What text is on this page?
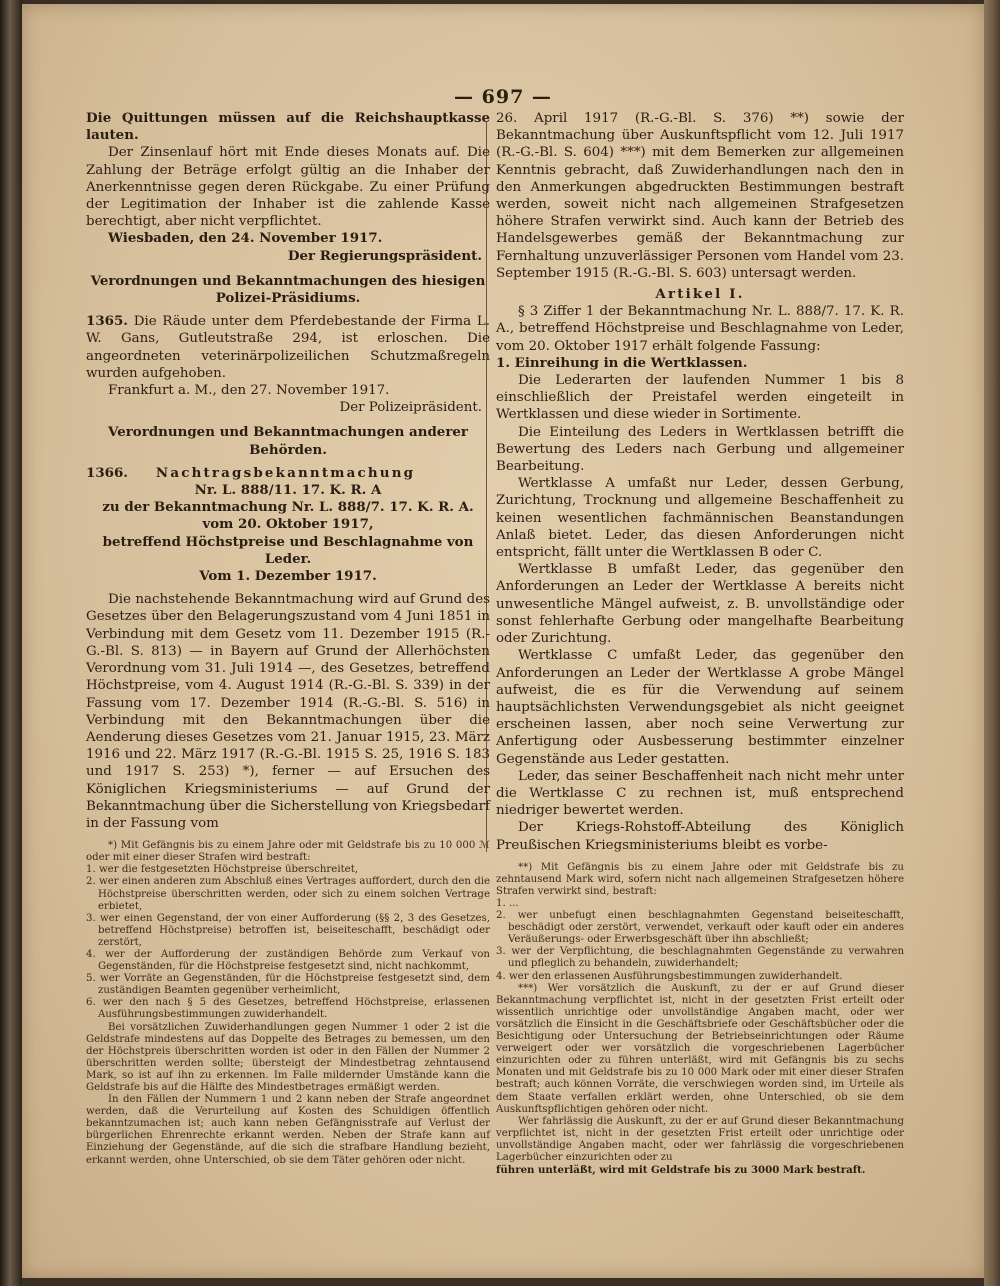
— 697 —

Die Quittungen müssen auf die Reichshauptkasse lauten.

Der Zinsenlauf hört mit Ende dieses Monats auf. Die Zahlung der Beträge erfolgt gültig an die Inhaber der Anerkenntnisse gegen deren Rückgabe. Zu einer Prüfung der Legitimation der Inhaber ist die zahlende Kasse berechtigt, aber nicht verpflichtet.

Wiesbaden, den 24. November 1917.

Der Regierungspräsident.

Verordnungen und Bekanntmachungen des hiesigen Polizei-Präsidiums.

1365. Die Räude unter dem Pferdebestande der Firma L. W. Gans, Gutleutstraße 294, ist erloschen. Die angeordneten veterinärpolizeilichen Schutzmaßregeln wurden aufgehoben.

Frankfurt a. M., den 27. November 1917.

Der Polizeipräsident.

Verordnungen und Bekanntmachungen anderer Behörden.

1366. Nachtragsbekanntmachung

Nr. L. 888/11. 17. K. R. A

zu der Bekanntmachung Nr. L. 888/7. 17. K. R. A.

vom 20. Oktober 1917,

betreffend Höchstpreise und Beschlagnahme von Leder.

Vom 1. Dezember 1917.

Die nachstehende Bekanntmachung wird auf Grund des Gesetzes über den Belagerungszustand vom 4 Juni 1851 in Verbindung mit dem Gesetz vom 11. Dezember 1915 (R.-G.-Bl. S. 813) — in Bayern auf Grund der Allerhöchsten Verordnung vom 31. Juli 1914 —, des Gesetzes, betreffend Höchstpreise, vom 4. August 1914 (R.-G.-Bl. S. 339) in der Fassung vom 17. Dezember 1914 (R.-G.-Bl. S. 516) in Verbindung mit den Bekanntmachungen über die Aenderung dieses Gesetzes vom 21. Januar 1915, 23. März 1916 und 22. März 1917 (R.-G.-Bl. 1915 S. 25, 1916 S. 183 und 1917 S. 253) *), ferner — auf Ersuchen des Königlichen Kriegsministeriums — auf Grund der Bekanntmachung über die Sicherstellung von Kriegsbedarf in der Fassung vom

*) Mit Gefängnis bis zu einem Jahre oder mit Geldstrafe bis zu 10 000 ℳ oder mit einer dieser Strafen wird bestraft:

1. wer die festgesetzten Höchstpreise überschreitet,

2. wer einen anderen zum Abschluß eines Vertrages auffordert, durch den die Höchstpreise überschritten werden, oder sich zu einem solchen Vertrage erbietet,

3. wer einen Gegenstand, der von einer Aufforderung (§§ 2, 3 des Gesetzes, betreffend Höchstpreise) betroffen ist, beiseiteschafft, beschädigt oder zerstört,

4. wer der Aufforderung der zuständigen Behörde zum Verkauf von Gegenständen, für die Höchstpreise festgesetzt sind, nicht nachkommt,

5. wer Vorräte an Gegenständen, für die Höchstpreise festgesetzt sind, dem zuständigen Beamten gegenüber verheimlicht,

6. wer den nach § 5 des Gesetzes, betreffend Höchstpreise, erlassenen Ausführungsbestimmungen zuwiderhandelt.

Bei vorsätzlichen Zuwiderhandlungen gegen Nummer 1 oder 2 ist die Geldstrafe mindestens auf das Doppelte des Betrages zu bemessen, um den der Höchstpreis überschritten worden ist oder in den Fällen der Nummer 2 überschritten werden sollte; übersteigt der Mindestbetrag zehntausend Mark, so ist auf ihn zu erkennen. Im Falle mildernder Umstände kann die Geldstrafe bis auf die Hälfte des Mindestbetrages ermäßigt werden.

In den Fällen der Nummern 1 und 2 kann neben der Strafe angeordnet werden, daß die Verurteilung auf Kosten des Schuldigen öffentlich bekanntzumachen ist; auch kann neben Gefängnisstrafe auf Verlust der bürgerlichen Ehrenrechte erkannt werden. Neben der Strafe kann auf Einziehung der Gegenstände, auf die sich die strafbare Handlung bezieht, erkannt werden, ohne Unterschied, ob sie dem Täter gehören oder nicht.

26. April 1917 (R.-G.-Bl. S. 376) **) sowie der Bekanntmachung über Auskunftspflicht vom 12. Juli 1917 (R.-G.-Bl. S. 604) ***) mit dem Bemerken zur allgemeinen Kenntnis gebracht, daß Zuwiderhandlungen nach den in den Anmerkungen abgedruckten Bestimmungen bestraft werden, soweit nicht nach allgemeinen Strafgesetzen höhere Strafen verwirkt sind. Auch kann der Betrieb des Handelsgewerbes gemäß der Bekanntmachung zur Fernhaltung unzuverlässiger Personen vom Handel vom 23. September 1915 (R.-G.-Bl. S. 603) untersagt werden.

Artikel I.

§ 3 Ziffer 1 der Bekanntmachung Nr. L. 888/7. 17. K. R. A., betreffend Höchstpreise und Beschlagnahme von Leder, vom 20. Oktober 1917 erhält folgende Fassung:

1. Einreihung in die Wertklassen.

Die Lederarten der laufenden Nummer 1 bis 8 einschließlich der Preistafel werden eingeteilt in Wertklassen und diese wieder in Sortimente.

Die Einteilung des Leders in Wertklassen betrifft die Bewertung des Leders nach Gerbung und allgemeiner Bearbeitung.

Wertklasse A umfaßt nur Leder, dessen Gerbung, Zurichtung, Trocknung und allgemeine Beschaffenheit zu keinen wesentlichen fachmännischen Beanstandungen Anlaß bietet. Leder, das diesen Anforderungen nicht entspricht, fällt unter die Wertklassen B oder C.

Wertklasse B umfaßt Leder, das gegenüber den Anforderungen an Leder der Wertklasse A bereits nicht unwesentliche Mängel aufweist, z. B. unvollständige oder sonst fehlerhafte Gerbung oder mangelhafte Bearbeitung oder Zurichtung.

Wertklasse C umfaßt Leder, das gegenüber den Anforderungen an Leder der Wertklasse A grobe Mängel aufweist, die es für die Verwendung auf seinem hauptsächlichsten Verwendungsgebiet als nicht geeignet erscheinen lassen, aber noch seine Verwertung zur Anfertigung oder Ausbesserung bestimmter einzelner Gegenstände aus Leder gestatten.

Leder, das seiner Beschaffenheit nach nicht mehr unter die Wertklasse C zu rechnen ist, muß entsprechend niedriger bewertet werden.

Der Kriegs-Rohstoff-Abteilung des Königlich Preußischen Kriegsministeriums bleibt es vorbe-

**) Mit Gefängnis bis zu einem Jahre oder mit Geldstrafe bis zu zehntausend Mark wird, sofern nicht nach allgemeinen Strafgesetzen höhere Strafen verwirkt sind, bestraft:

1. ...

2. wer unbefugt einen beschlagnahmten Gegenstand beiseiteschafft, beschädigt oder zerstört, verwendet, verkauft oder kauft oder ein anderes Veräußerungs- oder Erwerbsgeschäft über ihn abschließt;

3. wer der Verpflichtung, die beschlagnahmten Gegenstände zu verwahren und pfleglich zu behandeln, zuwiderhandelt;

4. wer den erlassenen Ausführungsbestimmungen zuwiderhandelt.

***) Wer vorsätzlich die Auskunft, zu der er auf Grund dieser Bekanntmachung verpflichtet ist, nicht in der gesetzten Frist erteilt oder wissentlich unrichtige oder unvollständige Angaben macht, oder wer vorsätzlich die Einsicht in die Geschäftsbriefe oder Geschäftsbücher oder die Besichtigung oder Untersuchung der Betriebseinrichtungen oder Räume verweigert oder wer vorsätzlich die vorgeschriebenen Lagerbücher einzurichten oder zu führen unterläßt, wird mit Gefängnis bis zu sechs Monaten und mit Geldstrafe bis zu 10 000 Mark oder mit einer dieser Strafen bestraft; auch können Vorräte, die verschwiegen worden sind, im Urteile als dem Staate verfallen erklärt werden, ohne Unterschied, ob sie dem Auskunftspflichtigen gehören oder nicht.

Wer fahrlässig die Auskunft, zu der er auf Grund dieser Bekanntmachung verpflichtet ist, nicht in der gesetzten Frist erteilt oder unrichtige oder unvollständige Angaben macht, oder wer fahrlässig die vorgeschriebenen Lagerbücher einzurichten oder zu

führen unterläßt, wird mit Geldstrafe bis zu 3000 Mark bestraft.
